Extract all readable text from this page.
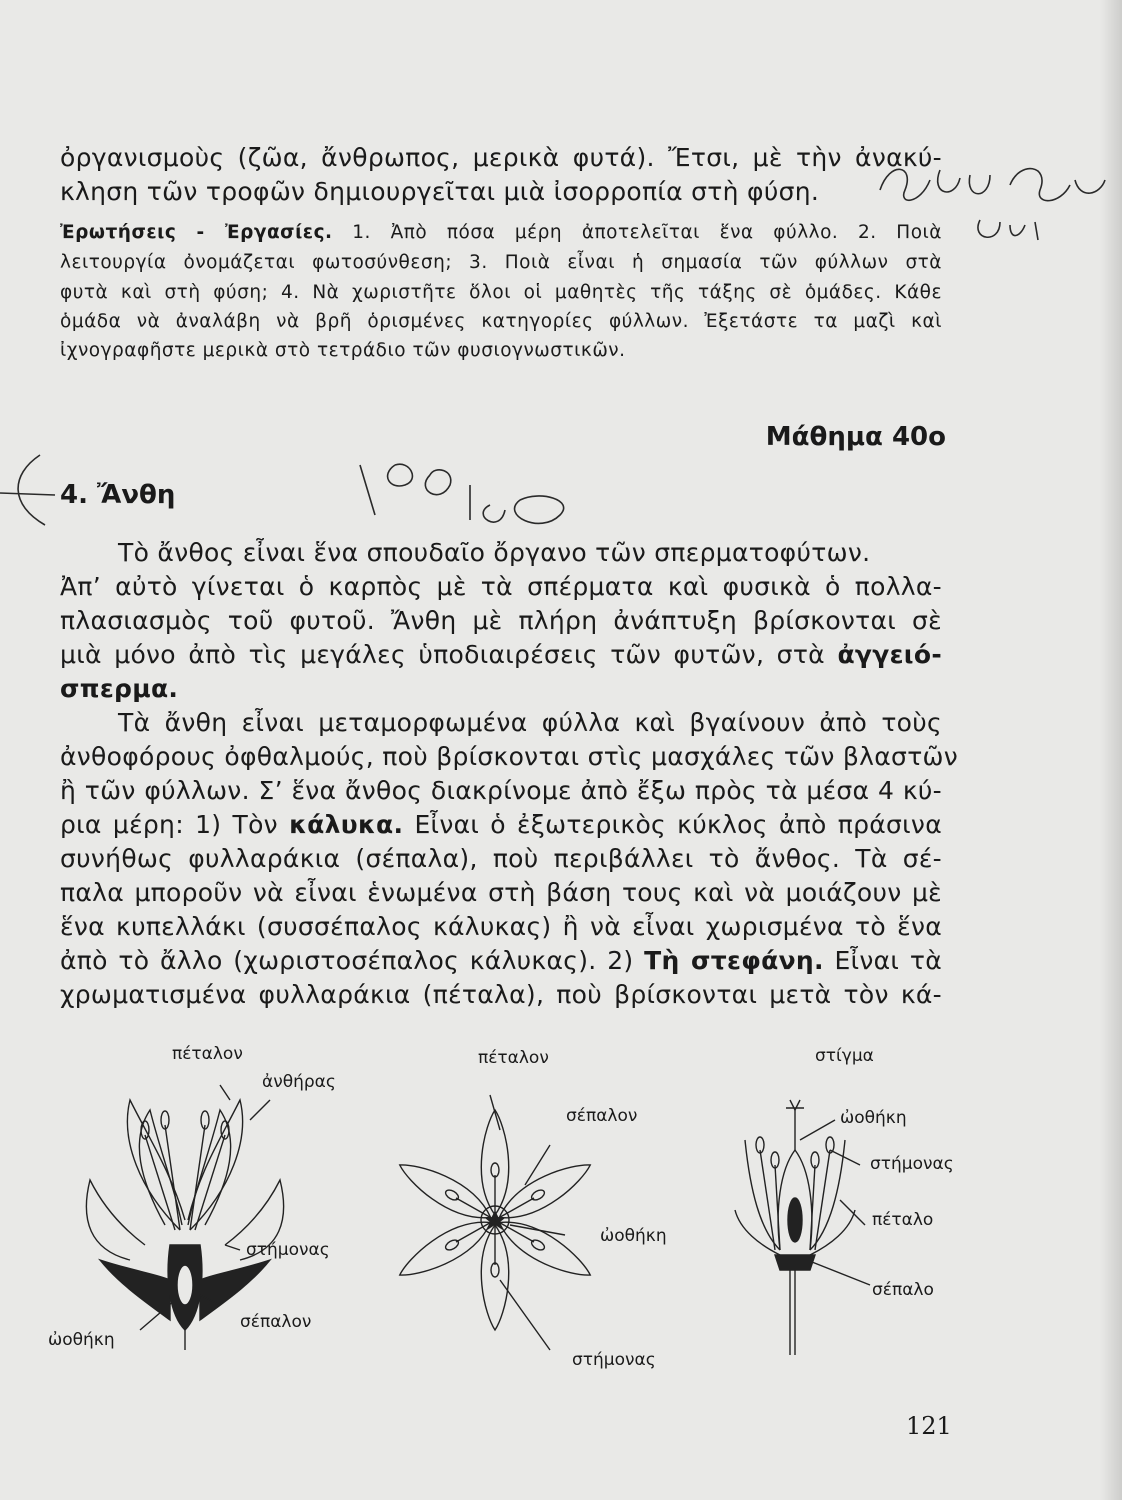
ὀργανισμοὺς (ζῶα, ἄνθρωπος, μερικὰ φυτά). Ἔτσι, μὲ τὴν ἀνακύ-
κληση τῶν τροφῶν δημιουργεῖται μιὰ ἰσορροπία στὴ φύση.
Ἐρωτήσεις - Ἐργασίες. 1. Ἀπὸ πόσα μέρη ἀποτελεῖται ἕνα φύλλο. 2. Ποιὰ
λειτουργία ὀνομάζεται φωτοσύνθεση; 3. Ποιὰ εἶναι ἡ σημασία τῶν φύλλων στὰ
φυτὰ καὶ στὴ φύση; 4. Νὰ χωριστῆτε ὅλοι οἱ μαθητὲς τῆς τάξης σὲ ὁμάδες. Κάθε
ὁμάδα νὰ ἀναλάβη νὰ βρῆ ὁρισμένες κατηγορίες φύλλων. Ἐξετάστε τα μαζὶ καὶ
ἰχνογραφῆστε μερικὰ στὸ τετράδιο τῶν φυσιογνωστικῶν.
Μάθημα 40ο
4. Ἄνθη
Τὸ ἄνθος εἶναι ἕνα σπουδαῖο ὄργανο τῶν σπερματοφύτων.
Ἀπ’ αὐτὸ γίνεται ὁ καρπὸς μὲ τὰ σπέρματα καὶ φυσικὰ ὁ πολλα-
πλασιασμὸς τοῦ φυτοῦ. Ἄνθη μὲ πλήρη ἀνάπτυξη βρίσκονται σὲ
μιὰ μόνο ἀπὸ τὶς μεγάλες ὑποδιαιρέσεις τῶν φυτῶν, στὰ ἀγγειό-
σπερμα.
Τὰ ἄνθη εἶναι μεταμορφωμένα φύλλα καὶ βγαίνουν ἀπὸ τοὺς
ἀνθοφόρους ὀφθαλμούς, ποὺ βρίσκονται στὶς μασχάλες τῶν βλαστῶν
ἢ τῶν φύλλων. Σ’ ἕνα ἄνθος διακρίνομε ἀπὸ ἔξω πρὸς τὰ μέσα 4 κύ-
ρια μέρη: 1) Τὸν κάλυκα. Εἶναι ὁ ἐξωτερικὸς κύκλος ἀπὸ πράσινα
συνήθως φυλλαράκια (σέπαλα), ποὺ περιβάλλει τὸ ἄνθος. Τὰ σέ-
παλα μποροῦν νὰ εἶναι ἑνωμένα στὴ βάση τους καὶ νὰ μοιάζουν μὲ
ἕνα κυπελλάκι (συσσέπαλος κάλυκας) ἢ νὰ εἶναι χωρισμένα τὸ ἕνα
ἀπὸ τὸ ἄλλο (χωριστοσέπαλος κάλυκας). 2) Τὴ στεφάνη. Εἶναι τὰ
χρωματισμένα φυλλαράκια (πέταλα), ποὺ βρίσκονται μετὰ τὸν κά-
πέταλον
ἀνθήρας
στήμονας
σέπαλον
ὠοθήκη
πέταλον
σέπαλον
ὠοθήκη
στήμονας
στίγμα
ὠοθήκη
στήμονας
πέταλο
σέπαλο
121
